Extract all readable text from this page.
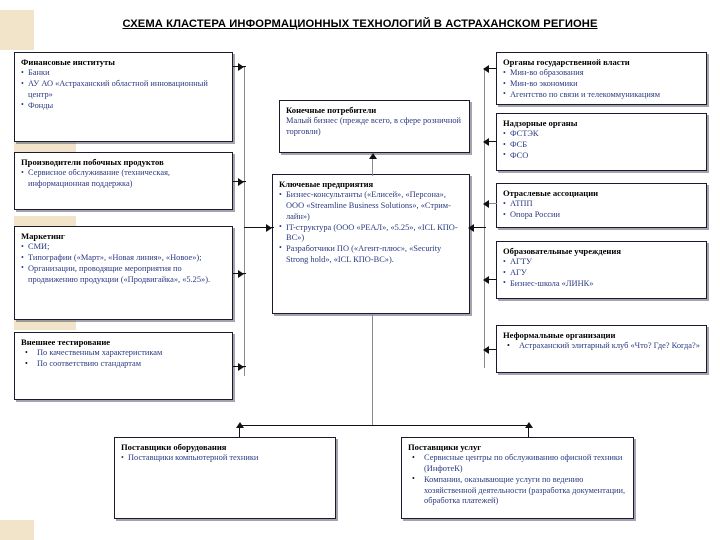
СХЕМА КЛАСТЕРА ИНФОРМАЦИОННЫХ ТЕХНОЛОГИЙ В АСТРАХАНСКОМ РЕГИОНЕ
Финансовые институты
• Банки
• АУ АО «Астраханский областной инновационный центр»
• Фонды
Производители побочных продуктов
• Сервисное обслуживание (техническая, информационная поддержка)
Маркетинг
• СМИ;
• Типографии («Март», «Новая линия», «Новое»);
• Организации, проводящие мероприятия по продвижению продукции («Продвигайка», «5.25»).
Внешнее тестирование
• По качественным характеристикам
• По соответствию стандартам
Конечные потребители

Малый бизнес (прежде всего, в сфере розничной торговли)

Ключевые предприятия
• Бизнес-консультанты («Елисей», «Персона», ООО «Streamline Business Solutions», «Стрим-лайн»)
• IT-структура (ООО «РЕАЛ», «5.25», «ICL КПО-ВС»)
• Разработчики ПО («Агент-плюс», «Security Strong hold», «ICL КПО-ВС»).
Органы государственной власти
• Мин-во образования
• Мин-во экономики
• Агентство по связи и телекоммуникациям
Надзорные органы
• ФСТЭК
• ФСБ
• ФСО
Отраслевые ассоциации
• АТПП
• Опора России
Образовательные учреждения
• АГТУ
• АГУ
• Бизнес-школа «ЛИНК»
Неформальные организации
• Астраханский элитарный клуб «Что? Где? Когда?»
Поставщики оборудования
• Поставщики компьютерной техники
Поставщики услуг
• Сервисные центры по обслуживанию офисной техники (ИнфотеК)
• Компании, оказывающие услуги по ведению хозяйственной деятельности (разработка документации, обработка платежей)
